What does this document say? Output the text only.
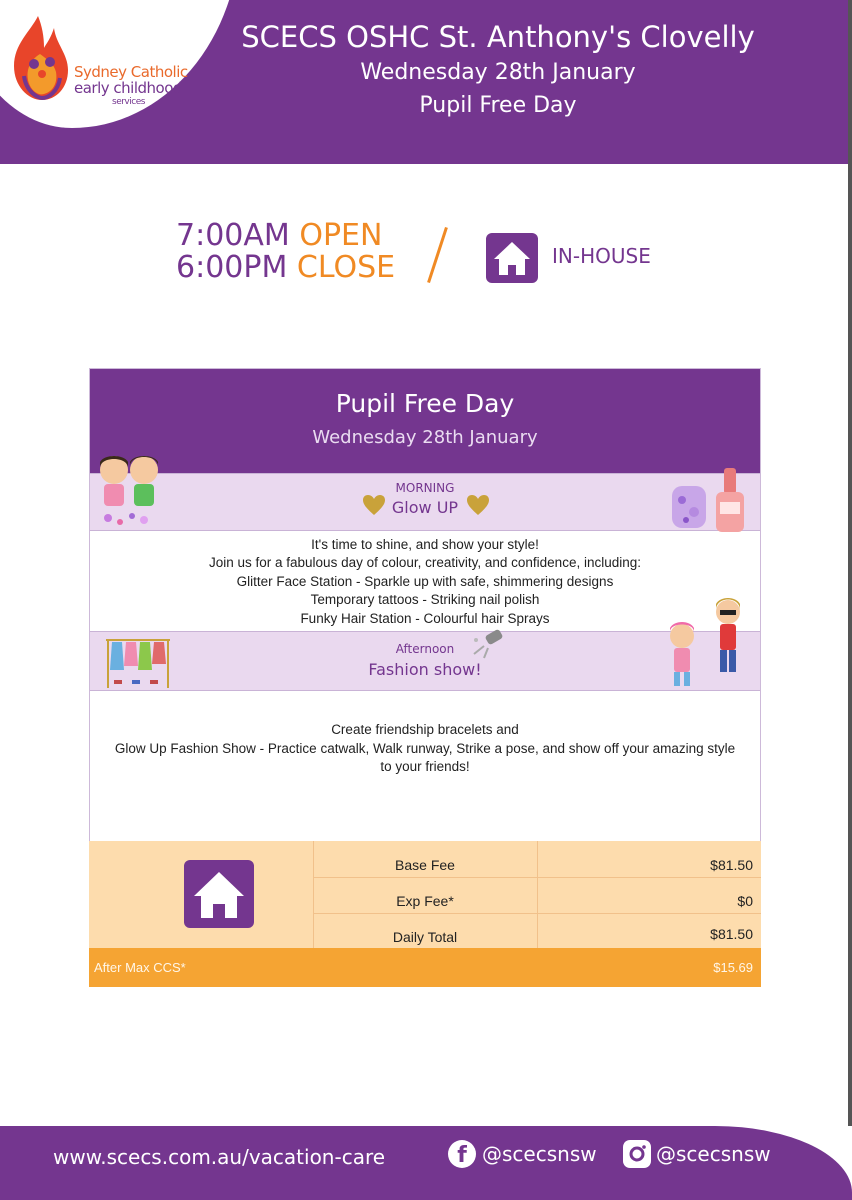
Sydney Catholic
early childhood
services
SCECS OSHC St. Anthony's Clovelly
Wednesday 28th January
Pupil Free Day
7:00AM OPEN
6:00PM CLOSE	IN-HOUSE
Pupil Free Day
Wednesday 28th January
MORNING
Glow UP
It's time to shine, and show your style!
Join us for a fabulous day of colour, creativity, and confidence, including:
Glitter Face Station - Sparkle up with safe, shimmering designs
Temporary tattoos - Striking nail polish
Funky Hair Station - Colourful hair Sprays
Afternoon
Fashion show!
Create friendship bracelets and
Glow Up Fashion Show - Practice catwalk, Walk runway, Strike a pose, and show off your amazing style to your friends!
Base Fee	$81.50
Exp Fee*	$0
Daily Total	$81.50
After Max CCS*	$15.69
www.scecs.com.au/vacation-care	f @scecsnsw	@scecsnsw
